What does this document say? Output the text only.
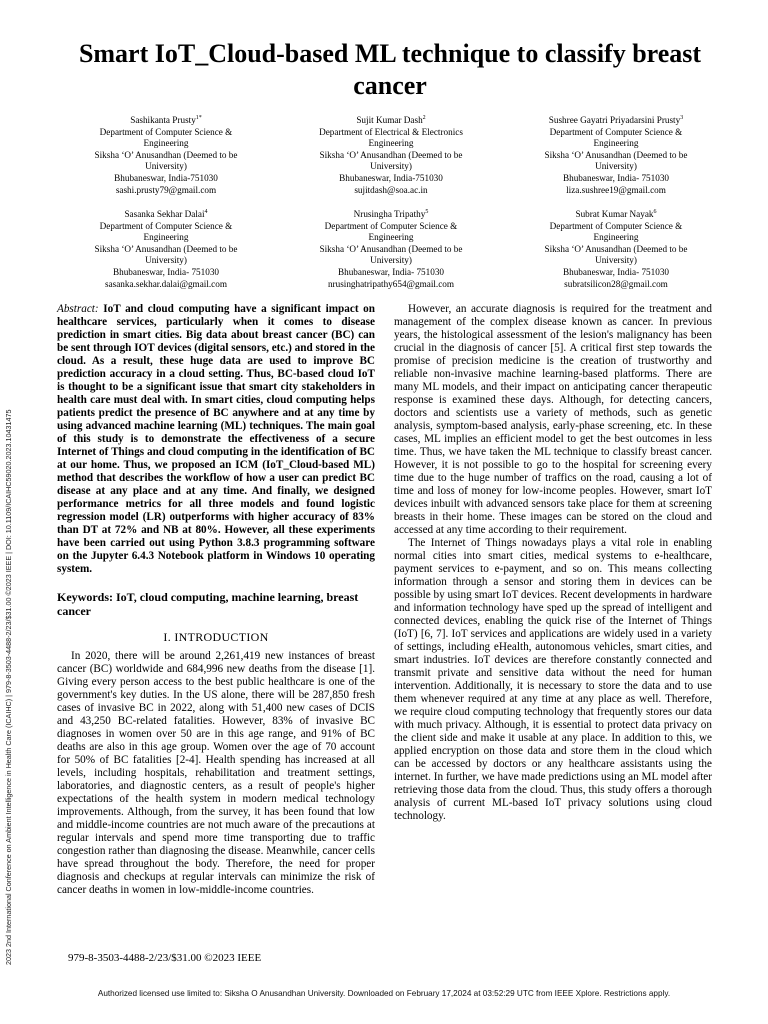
Smart IoT_Cloud-based ML technique to classify breast cancer
Sashikanta Prusty$^{1*}$
Department of Computer Science &
Engineering
Siksha ‘O’ Anusandhan (Deemed to be
University)
Bhubaneswar, India-751030
sashi.prusty79@gmail.com
Sujit Kumar Dash$^2$
Department of Electrical & Electronics
Engineering
Siksha ‘O’ Anusandhan (Deemed to be
University)
Bhubaneswar, India-751030
sujitdash@soa.ac.in
Sushree Gayatri Priyadarsini Prusty$^3$
Department of Computer Science &
Engineering
Siksha ‘O’ Anusandhan (Deemed to be
University)
Bhubaneswar, India- 751030
liza.sushree19@gmail.com
Sasanka Sekhar Dalai$^4$
Department of Computer Science &
Engineering
Siksha ‘O’ Anusandhan (Deemed to be
University)
Bhubaneswar, India- 751030
sasanka.sekhar.dalai@gmail.com
Nrusingha Tripathy$^5$
Department of Computer Science &
Engineering
Siksha ‘O’ Anusandhan (Deemed to be
University)
Bhubaneswar, India- 751030
nrusinghatripathy654@gmail.com
Subrat Kumar Nayak$^6$
Department of Computer Science &
Engineering
Siksha ‘O’ Anusandhan (Deemed to be
University)
Bhubaneswar, India- 751030
subratsilicon28@gmail.com
2023 2nd International Conference on Ambient Intelligence in Health Care (ICAIHC) | 979-8-3503-4488-2/23/$31.00 ©2023 IEEE | DOI: 10.1109/ICAIHC59020.2023.10431475

Abstract: IoT and cloud computing have a significant impact on healthcare services, particularly when it comes to disease prediction in smart cities. Big data about breast cancer (BC) can be sent through IOT devices (digital sensors, etc.) and stored in the cloud. As a result, these huge data are used to improve BC prediction accuracy in a cloud setting. Thus, BC-based cloud IoT is thought to be a significant issue that smart city stakeholders in health care must deal with. In smart cities, cloud computing helps patients predict the presence of BC anywhere and at any time by using advanced machine learning (ML) techniques. The main goal of this study is to demonstrate the effectiveness of a secure Internet of Things and cloud computing in the identification of BC at our home. Thus, we proposed an ICM (IoT_Cloud-based ML) method that describes the workflow of how a user can predict BC disease at any place and at any time. And finally, we designed performance metrics for all three models and found logistic regression model (LR) outperforms with higher accuracy of 83% than DT at 72% and NB at 80%. However, all these experiments have been carried out using Python 3.8.3 programming software on the Jupyter 6.4.3 Notebook platform in Windows 10 operating system.

Keywords: IoT, cloud computing, machine learning, breast cancer

I. INTRODUCTION

In 2020, there will be around 2,261,419 new instances of breast cancer (BC) worldwide and 684,996 new deaths from the disease [1]. Giving every person access to the best public healthcare is one of the government's key duties. In the US alone, there will be 287,850 fresh cases of invasive BC in 2022, along with 51,400 new cases of DCIS and 43,250 BC-related fatalities. However, 83% of invasive BC diagnoses in women over 50 are in this age range, and 91% of BC deaths are also in this age group. Women over the age of 70 account for 50% of BC fatalities [2-4]. Health spending has increased at all levels, including hospitals, rehabilitation and treatment settings, laboratories, and diagnostic centers, as a result of people's higher expectations of the health system in modern medical technology improvements. Although, from the survey, it has been found that low and middle-income countries are not much aware of the precautions at regular intervals and spend more time transporting due to traffic congestion rather than diagnosing the disease. Meanwhile, cancer cells have spread throughout the body. Therefore, the need for proper diagnosis and checkups at regular intervals can minimize the risk of cancer deaths in women in low-middle-income countries.

However, an accurate diagnosis is required for the treatment and management of the complex disease known as cancer. In previous years, the histological assessment of the lesion's malignancy has been crucial in the diagnosis of cancer [5]. A critical first step towards the promise of precision medicine is the creation of trustworthy and reliable non-invasive machine learning-based platforms. There are many ML models, and their impact on anticipating cancer therapeutic response is examined these days. Although, for detecting cancers, doctors and scientists use a variety of methods, such as genetic analysis, symptom-based analysis, early-phase screening, etc. In these cases, ML implies an efficient model to get the best outcomes in less time. Thus, we have taken the ML technique to classify breast cancer. However, it is not possible to go to the hospital for screening every time due to the huge number of traffics on the road, causing a lot of time and loss of money for low-income peoples. However, smart IoT devices inbuilt with advanced sensors take place for them at screening breasts in their home. These images can be stored on the cloud and accessed at any time according to their requirement.

The Internet of Things nowadays plays a vital role in enabling normal cities into smart cities, medical systems to e-healthcare, payment services to e-payment, and so on. This means collecting information through a sensor and storing them in devices can be possible by using smart IoT devices. Recent developments in hardware and information technology have sped up the spread of intelligent and connected devices, enabling the quick rise of the Internet of Things (IoT) [6, 7]. IoT services and applications are widely used in a variety of settings, including eHealth, autonomous vehicles, smart cities, and smart industries. IoT devices are therefore constantly connected and transmit private and sensitive data without the need for human intervention. Additionally, it is necessary to store the data and to use them whenever required at any time at any place as well. Therefore, we require cloud computing technology that frequently stores our data with much privacy. Although, it is essential to protect data privacy on the client side and make it usable at any place. In addition to this, we applied encryption on those data and store them in the cloud which can be accessed by doctors or any healthcare assistants using the internet. In further, we have made predictions using an ML model after retrieving those data from the cloud. Thus, this study offers a thorough analysis of current ML-based IoT privacy solutions using cloud technology.

979-8-3503-4488-2/23/$31.00 ©2023 IEEE
Authorized licensed use limited to: Siksha O Anusandhan University. Downloaded on February 17,2024 at 03:52:29 UTC from IEEE Xplore. Restrictions apply.
